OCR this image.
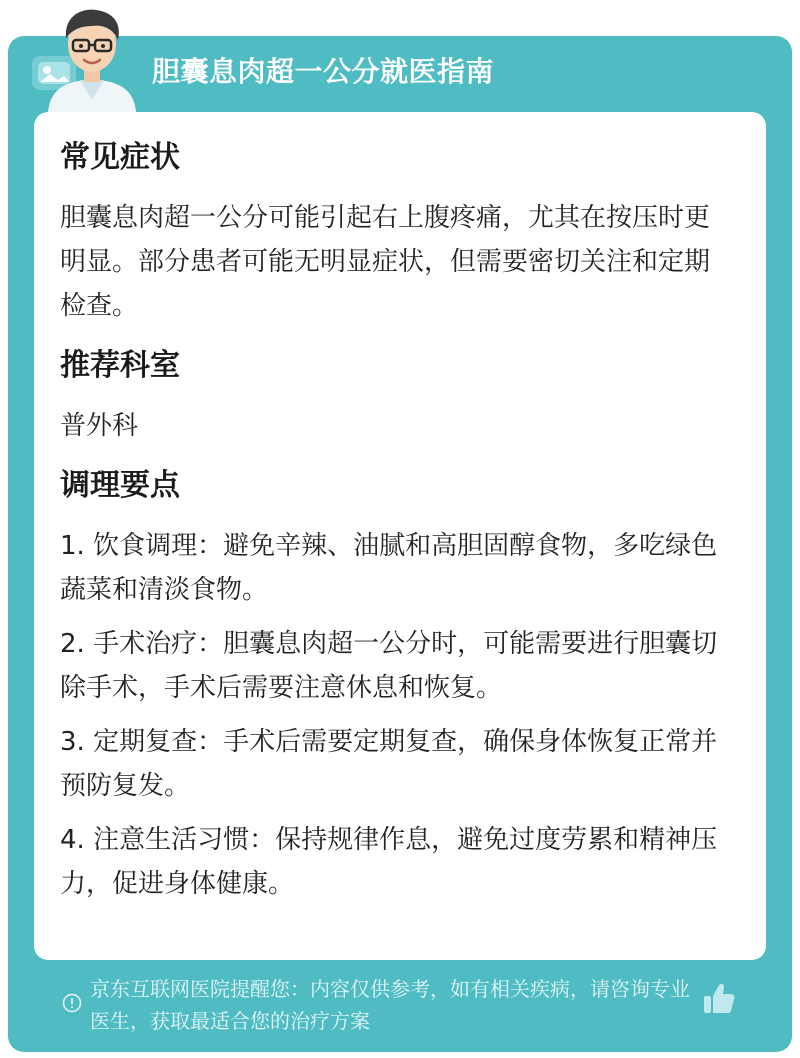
胆囊息肉超一公分就医指南
常见症状

胆囊息肉超一公分可能引起右上腹疼痛，尤其在按压时更明显。部分患者可能无明显症状，但需要密切关注和定期检查。

推荐科室

普外科

调理要点

1. 饮食调理：避免辛辣、油腻和高胆固醇食物，多吃绿色蔬菜和清淡食物。

2. 手术治疗：胆囊息肉超一公分时，可能需要进行胆囊切除手术，手术后需要注意休息和恢复。

3. 定期复查：手术后需要定期复查，确保身体恢复正常并预防复发。

4. 注意生活习惯：保持规律作息，避免过度劳累和精神压力，促进身体健康。

京东互联网医院提醒您：内容仅供参考，如有相关疾病，请咨询专业医生，获取最适合您的治疗方案
